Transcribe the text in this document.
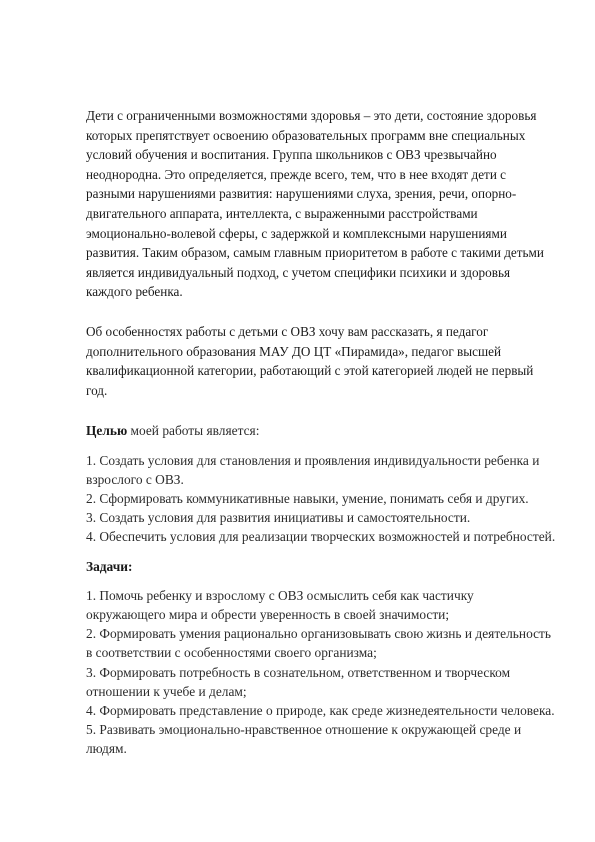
Дети с ограниченными возможностями здоровья – это дети, состояние здоровья которых препятствует освоению образовательных программ вне специальных условий обучения и воспитания. Группа школьников с ОВЗ чрезвычайно неоднородна. Это определяется, прежде всего, тем, что в нее входят дети с разными нарушениями развития: нарушениями слуха, зрения, речи, опорно-двигательного аппарата, интеллекта, с выраженными расстройствами эмоционально-волевой сферы, с задержкой и комплексными нарушениями развития. Таким образом, самым главным приоритетом в работе с такими детьми является индивидуальный подход, с учетом специфики психики и здоровья каждого ребенка.

Об особенностях работы с детьми с ОВЗ хочу вам рассказать, я педагог дополнительного образования МАУ ДО ЦТ «Пирамида», педагог высшей квалификационной категории, работающий с этой категорией людей не первый год.

Целью моей работы является:

1. Создать условия для становления и проявления индивидуальности ребенка и взрослого с ОВЗ.
2. Сформировать коммуникативные навыки, умение, понимать себя и других.
3. Создать условия для развития инициативы и самостоятельности.
4. Обеспечить условия для реализации творческих возможностей и потребностей.

Задачи:

1. Помочь ребенку и взрослому с ОВЗ осмыслить себя как частичку окружающего мира и обрести уверенность в своей значимости;
2. Формировать умения рационально организовывать свою жизнь и деятельность в соответствии с особенностями своего организма;
3. Формировать потребность в сознательном, ответственном и творческом отношении к учебе и делам;
4. Формировать представление о природе, как среде жизнедеятельности человека.
5. Развивать эмоционально-нравственное отношение к окружающей среде и людям.
